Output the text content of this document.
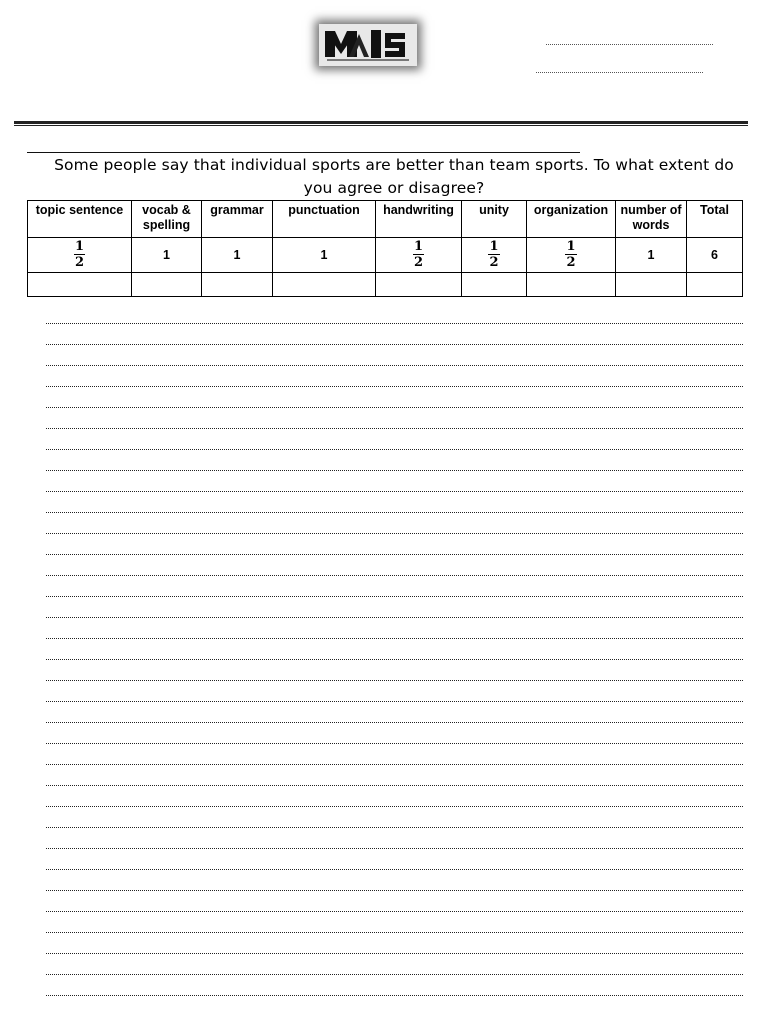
Some people say that individual sports are better than team sports. To what extent do you agree or disagree?
topic sentence	vocab & spelling	grammar	punctuation	handwriting	unity	organization	number of words	Total

$\frac{1}{2}$	1	1	1	$\frac{1}{2}$	$\frac{1}{2}$	$\frac{1}{2}$	1	6
